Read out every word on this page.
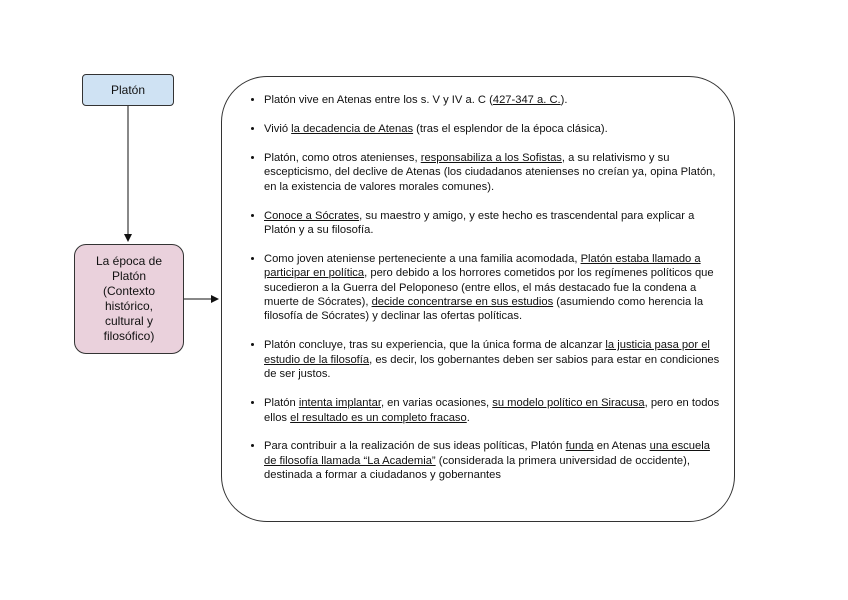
Platón
La época de
Platón
(Contexto
histórico,
cultural y
filosófico)
• Platón vive en Atenas entre los s. V y IV a. C (427-347 a. C.).
• Vivió la decadencia de Atenas (tras el esplendor de la época clásica).
• Platón, como otros atenienses, responsabiliza a los Sofistas, a su relativismo y su escepticismo, del declive de Atenas (los ciudadanos atenienses no creían ya, opina Platón, en la existencia de valores morales comunes).
• Conoce a Sócrates, su maestro y amigo, y este hecho es trascendental para explicar a Platón y a su filosofía.
• Como joven ateniense perteneciente a una familia acomodada, Platón estaba llamado a participar en política, pero debido a los horrores cometidos por los regímenes políticos que sucedieron a la Guerra del Peloponeso (entre ellos, el más destacado fue la condena a muerte de Sócrates), decide concentrarse en sus estudios (asumiendo como herencia la filosofía de Sócrates) y declinar las ofertas políticas.
• Platón concluye, tras su experiencia, que la única forma de alcanzar la justicia pasa por el estudio de la filosofía, es decir, los gobernantes deben ser sabios para estar en condiciones de ser justos.
• Platón intenta implantar, en varias ocasiones, su modelo político en Siracusa, pero en todos ellos el resultado es un completo fracaso.
• Para contribuir a la realización de sus ideas políticas, Platón funda en Atenas una escuela de filosofía llamada “La Academia” (considerada la primera universidad de occidente), destinada a formar a ciudadanos y gobernantes
